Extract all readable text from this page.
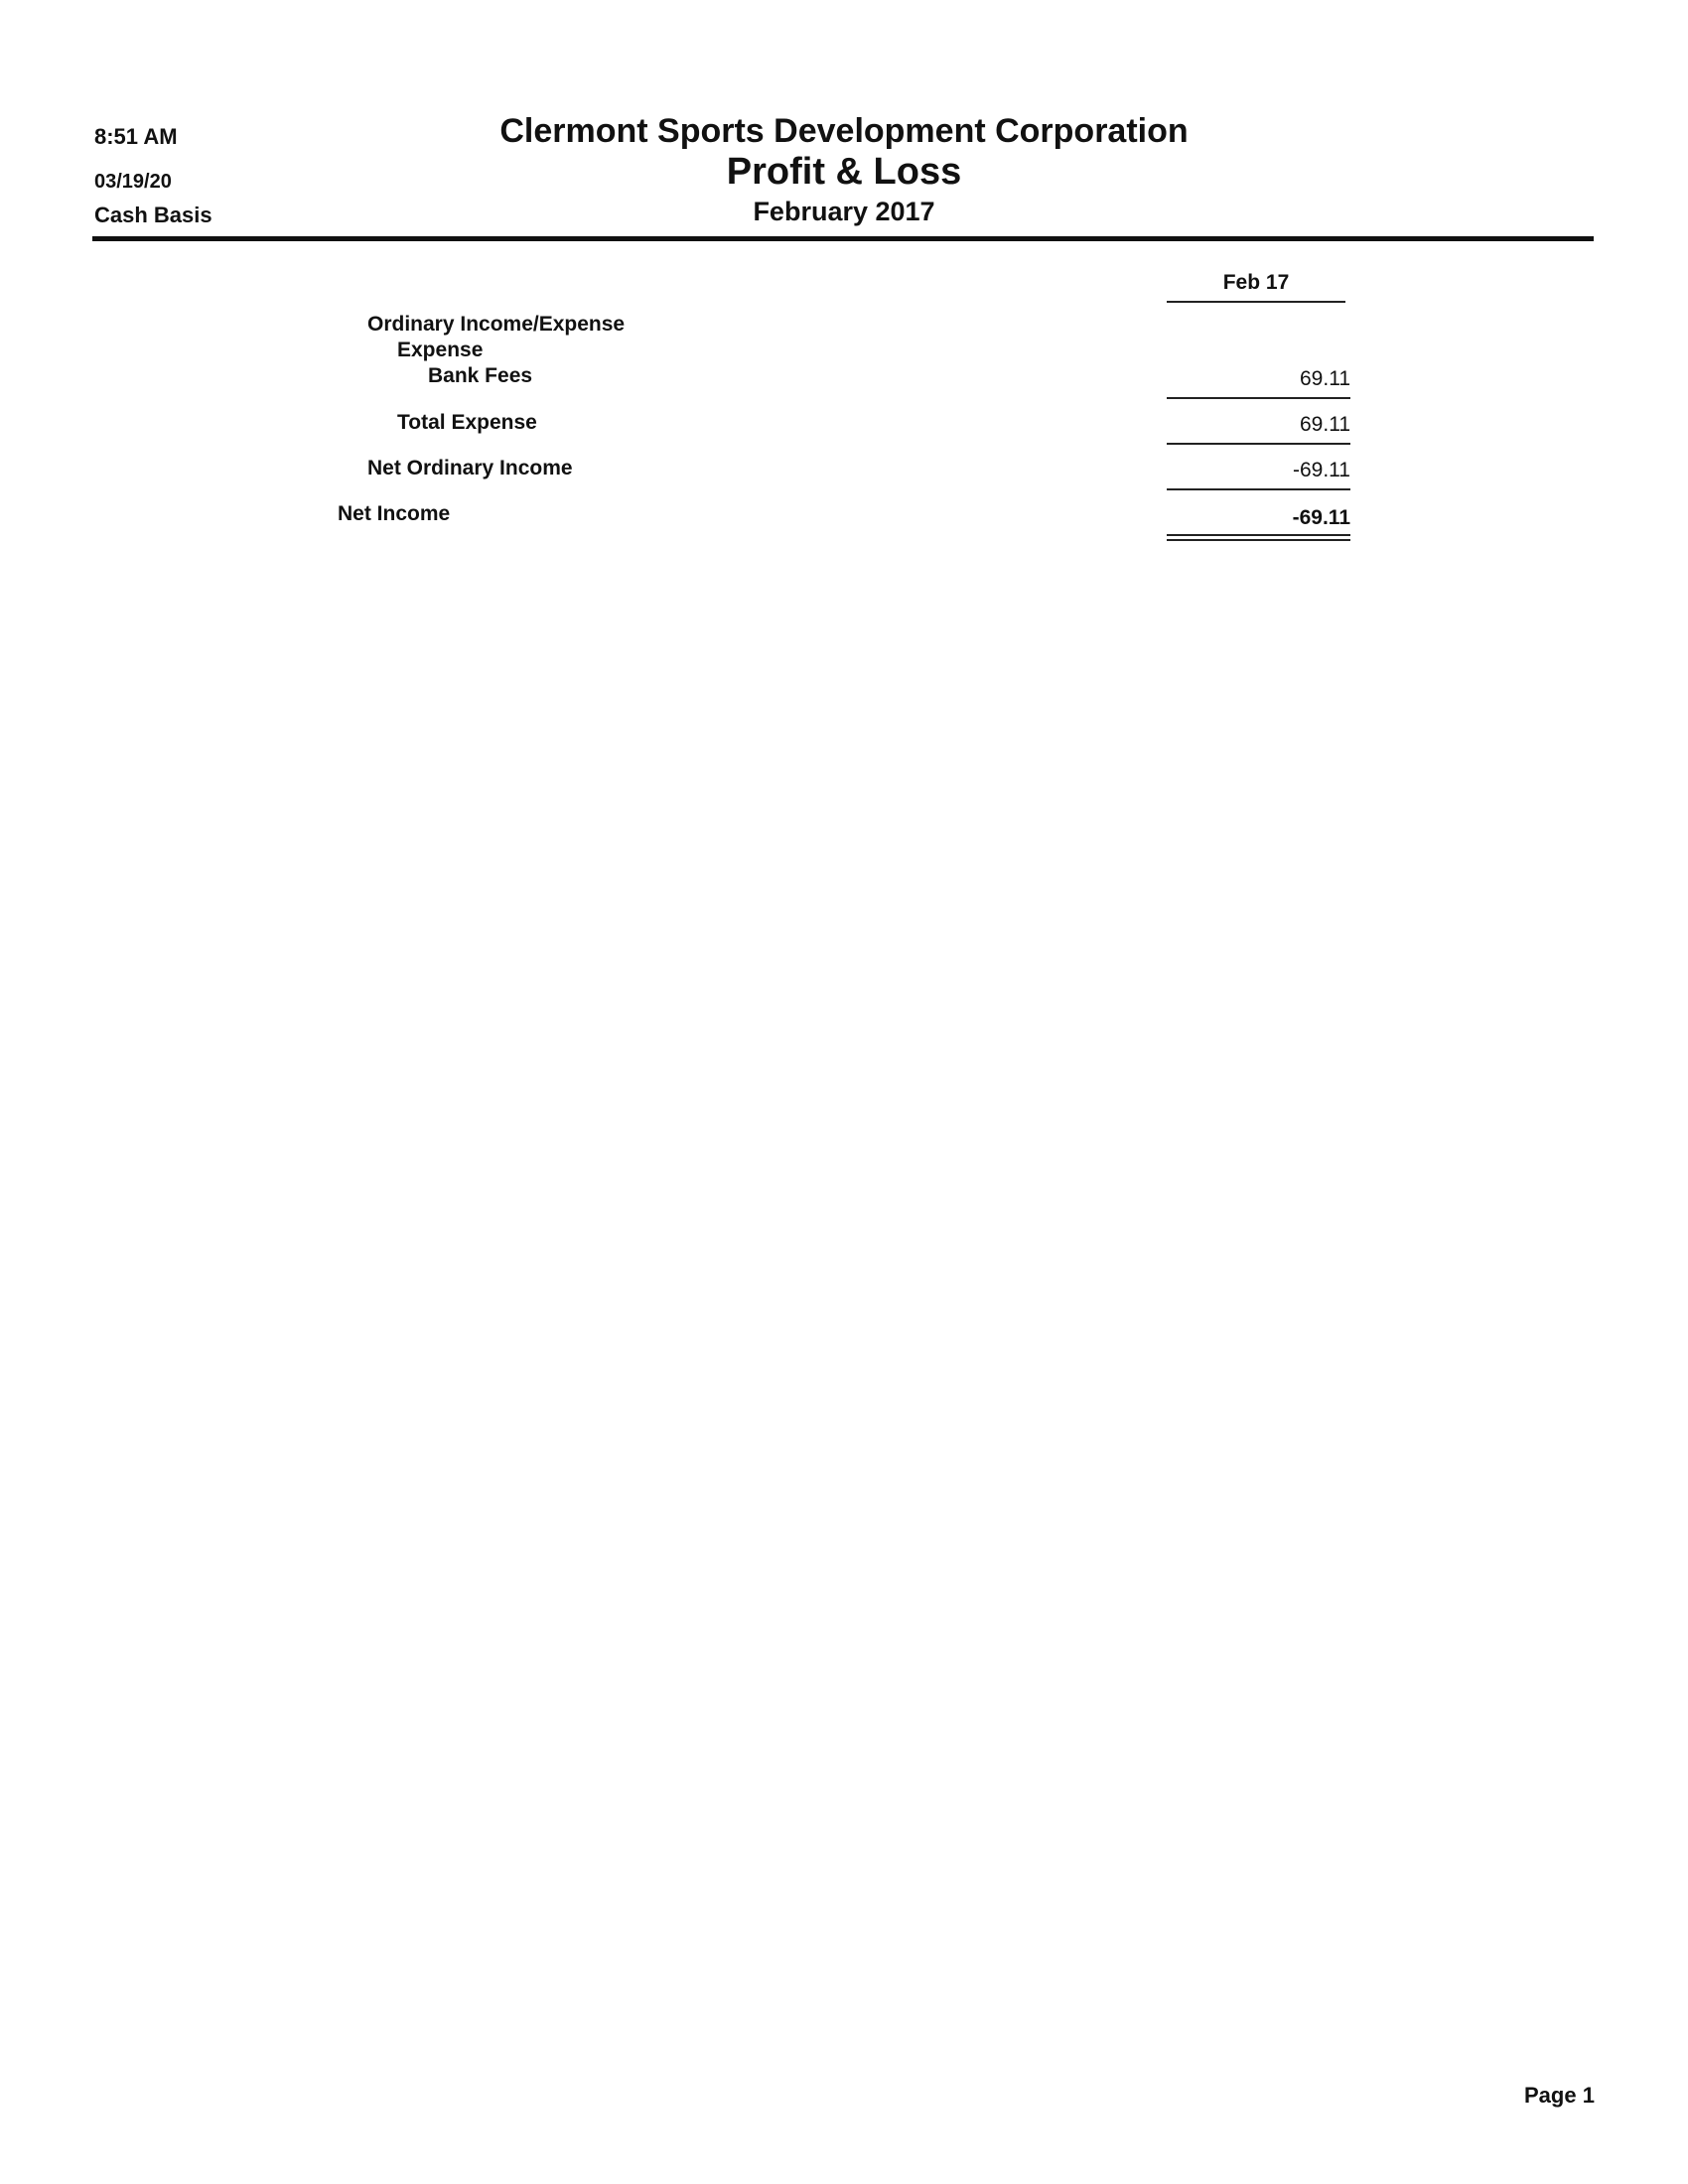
8:51 AM
03/19/20
Cash Basis
Clermont Sports Development Corporation
Profit & Loss
February 2017
Feb 17
Ordinary Income/Expense
Expense
Bank Fees	69.11
Total Expense	69.11
Net Ordinary Income	-69.11
Net Income	-69.11
Page 1
